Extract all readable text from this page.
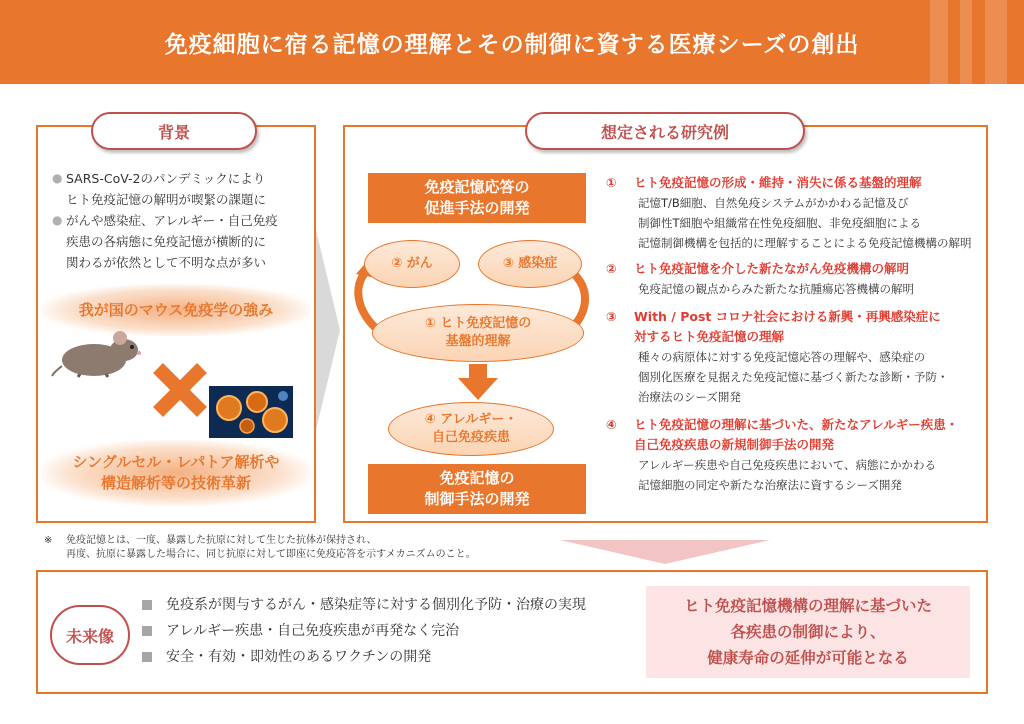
免疫細胞に宿る記憶の理解とその制御に資する医療シーズの創出
背景
● SARS-CoV-2のパンデミックにより
ヒト免疫記憶の解明が喫緊の課題に
● がんや感染症、アレルギー・自己免疫
疾患の各病態に免疫記憶が横断的に
関わるが依然として不明な点が多い
我が国のマウス免疫学の強み
シングルセル・レパトア解析や
構造解析等の技術革新
想定される研究例
免疫記憶応答の
促進手法の開発
② がん	③ 感染症
① ヒト免疫記憶の
基盤的理解
④ アレルギー・
自己免疫疾患
免疫記憶の
制御手法の開発
① ヒト免疫記憶の形成・維持・消失に係る基盤的理解
記憶T/B細胞、自然免疫システムがかかわる記憶及び
制御性T細胞や組織常在性免疫細胞、非免疫細胞による
記憶制御機構を包括的に理解することによる免疫記憶機構の解明
② ヒト免疫記憶を介した新たながん免疫機構の解明
免疫記憶の観点からみた新たな抗腫瘍応答機構の解明
③ With / Post コロナ社会における新興・再興感染症に
対するヒト免疫記憶の理解
種々の病原体に対する免疫記憶応答の理解や、感染症の
個別化医療を見据えた免疫記憶に基づく新たな診断・予防・
治療法のシーズ開発
④ ヒト免疫記憶の理解に基づいた、新たなアレルギー疾患・
自己免疫疾患の新規制御手法の開発
アレルギー疾患や自己免疫疾患において、病態にかかわる
記憶細胞の同定や新たな治療法に資するシーズ開発
※	免疫記憶とは、一度、暴露した抗原に対して生じた抗体が保持され、
再度、抗原に暴露した場合に、同じ抗原に対して即座に免疫応答を示すメカニズムのこと。
未来像
免疫系が関与するがん・感染症等に対する個別化予防・治療の実現
アレルギー疾患・自己免疫疾患が再発なく完治
安全・有効・即効性のあるワクチンの開発
ヒト免疫記憶機構の理解に基づいた
各疾患の制御により、
健康寿命の延伸が可能となる
